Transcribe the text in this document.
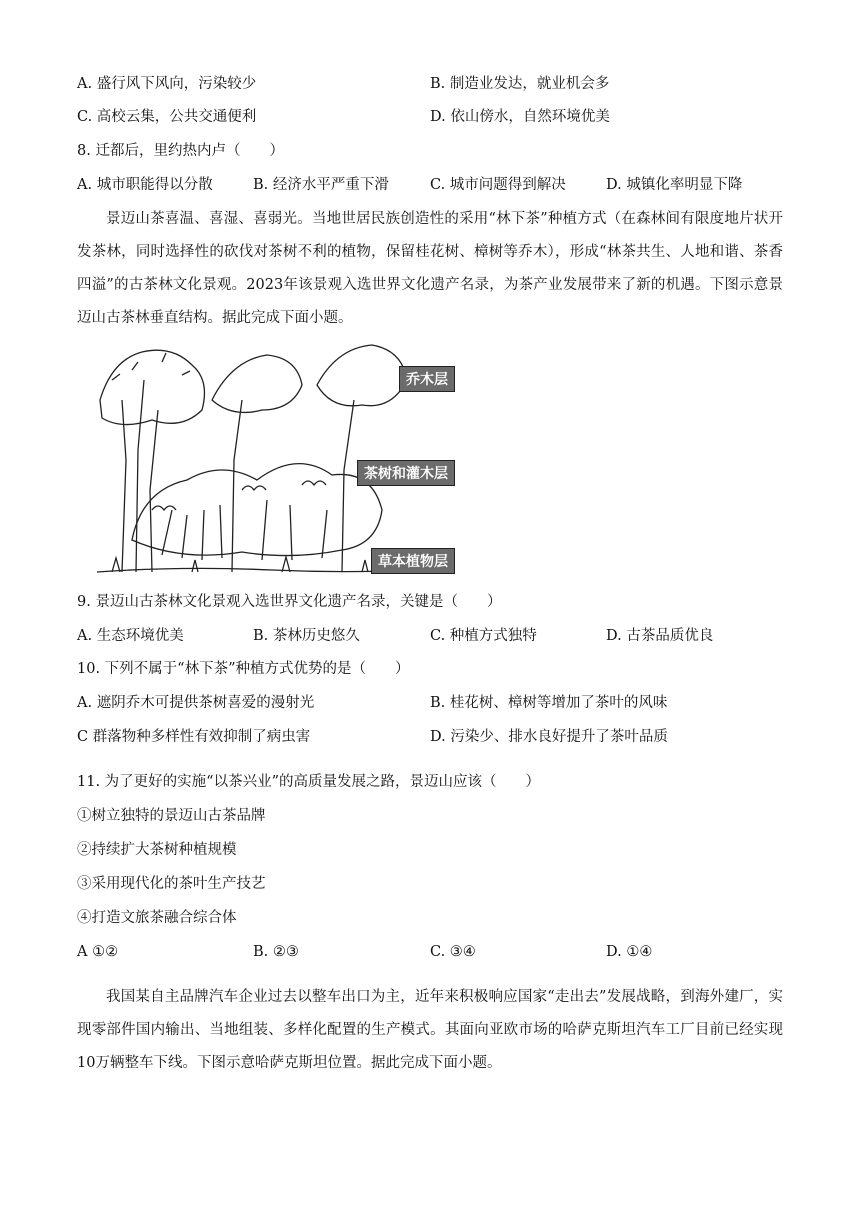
A. 盛行风下风向，污染较少	B. 制造业发达，就业机会多
C. 高校云集，公共交通便利	D. 依山傍水，自然环境优美
8. 迁都后，里约热内卢（　　）
A. 城市职能得以分散	B. 经济水平严重下滑	C. 城市问题得到解决	D. 城镇化率明显下降
景迈山茶喜温、喜湿、喜弱光。当地世居民族创造性的采用“林下茶”种植方式（在森林间有限度地片状开发茶林，同时选择性的砍伐对茶树不利的植物，保留桂花树、樟树等乔木），形成“林茶共生、人地和谐、茶香四溢”的古茶林文化景观。2023年该景观入选世界文化遗产名录，为茶产业发展带来了新的机遇。下图示意景迈山古茶林垂直结构。据此完成下面小题。
乔木层
茶树和灌木层
草本植物层
9. 景迈山古茶林文化景观入选世界文化遗产名录，关键是（　　）
A. 生态环境优美	B. 茶林历史悠久	C. 种植方式独特	D. 古茶品质优良
10. 下列不属于“林下茶”种植方式优势的是（　　）
A. 遮阴乔木可提供茶树喜爱的漫射光	B. 桂花树、樟树等增加了茶叶的风味
C 群落物种多样性有效抑制了病虫害	D. 污染少、排水良好提升了茶叶品质
11. 为了更好的实施“以茶兴业”的高质量发展之路，景迈山应该（　　）
①树立独特的景迈山古茶品牌
②持续扩大茶树种植规模
③采用现代化的茶叶生产技艺
④打造文旅茶融合综合体
A ①②	B. ②③	C. ③④	D. ①④
我国某自主品牌汽车企业过去以整车出口为主，近年来积极响应国家“走出去”发展战略，到海外建厂，实现零部件国内输出、当地组装、多样化配置的生产模式。其面向亚欧市场的哈萨克斯坦汽车工厂目前已经实现10万辆整车下线。下图示意哈萨克斯坦位置。据此完成下面小题。
